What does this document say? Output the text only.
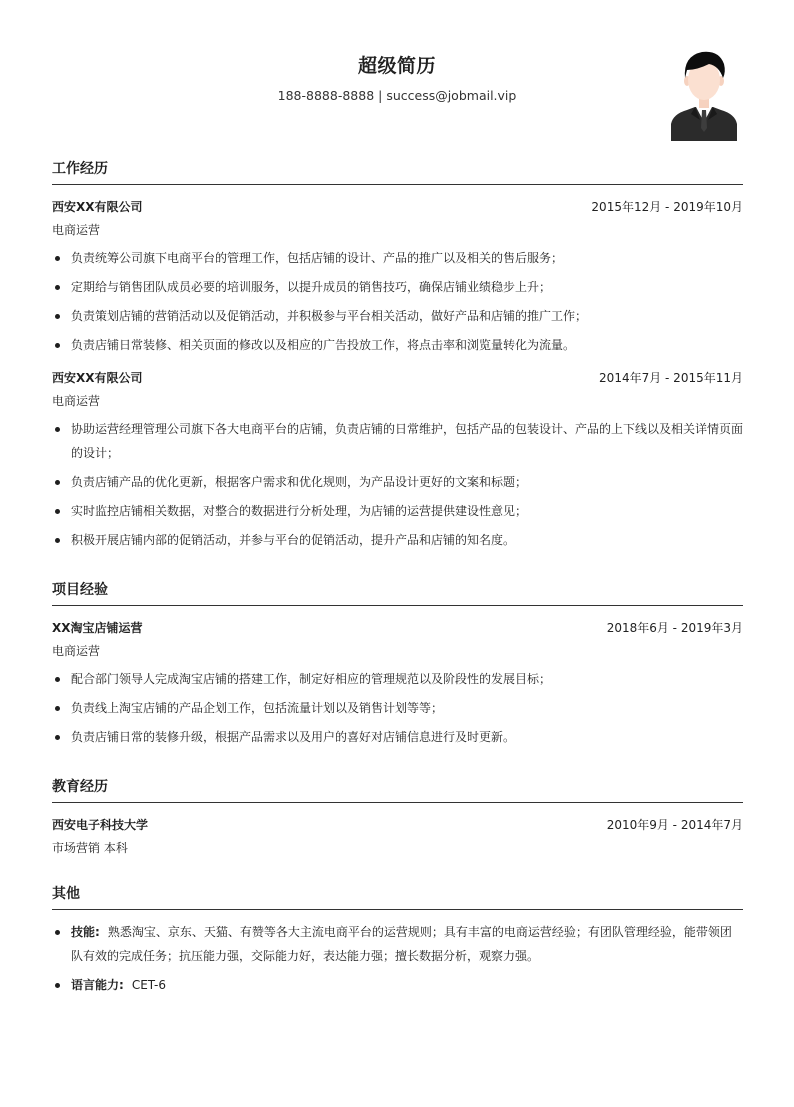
超级简历
188-8888-8888 | success@jobmail.vip
工作经历
西安XX有限公司	2015年12月 - 2019年10月
电商运营
负责统筹公司旗下电商平台的管理工作，包括店铺的设计、产品的推广以及相关的售后服务；
定期给与销售团队成员必要的培训服务，以提升成员的销售技巧，确保店铺业绩稳步上升；
负责策划店铺的营销活动以及促销活动，并积极参与平台相关活动，做好产品和店铺的推广工作；
负责店铺日常装修、相关页面的修改以及相应的广告投放工作，将点击率和浏览量转化为流量。
西安XX有限公司	2014年7月 - 2015年11月
电商运营
协助运营经理管理公司旗下各大电商平台的店铺，负责店铺的日常维护，包括产品的包装设计、产品的上下线以及相关详情页面的设计；
负责店铺产品的优化更新，根据客户需求和优化规则，为产品设计更好的文案和标题；
实时监控店铺相关数据，对整合的数据进行分析处理，为店铺的运营提供建设性意见；
积极开展店铺内部的促销活动，并参与平台的促销活动，提升产品和店铺的知名度。
项目经验
XX淘宝店铺运营	2018年6月 - 2019年3月
电商运营
配合部门领导人完成淘宝店铺的搭建工作，制定好相应的管理规范以及阶段性的发展目标；
负责线上淘宝店铺的产品企划工作，包括流量计划以及销售计划等等；
负责店铺日常的装修升级，根据产品需求以及用户的喜好对店铺信息进行及时更新。
教育经历
西安电子科技大学	2010年9月 - 2014年7月
市场营销 本科
其他
技能: 熟悉淘宝、京东、天猫、有赞等各大主流电商平台的运营规则；具有丰富的电商运营经验；有团队管理经验，能带领团队有效的完成任务；抗压能力强，交际能力好，表达能力强；擅长数据分析，观察力强。
语言能力: CET-6
